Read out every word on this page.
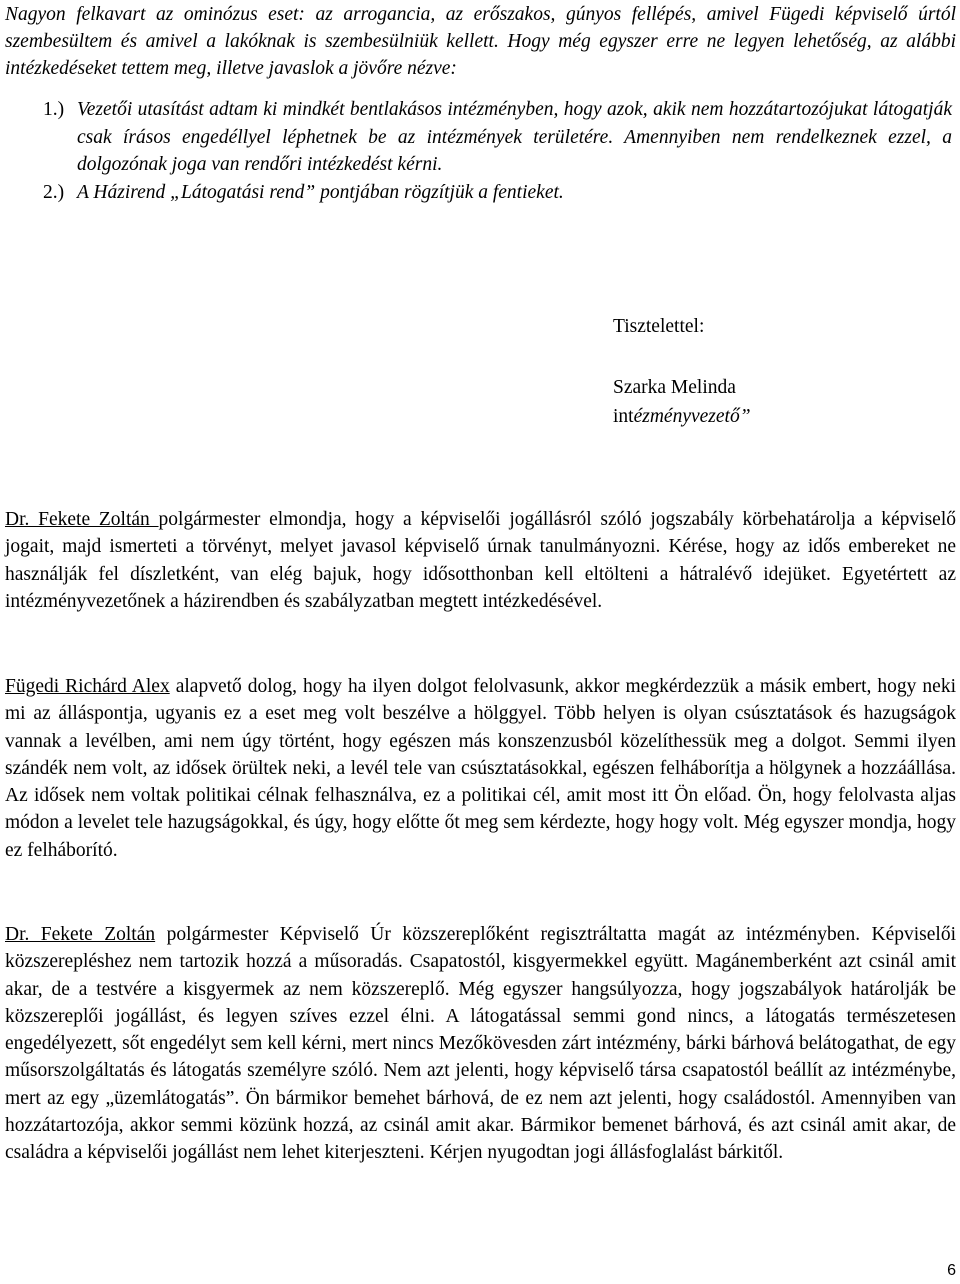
Nagyon felkavart az ominózus eset: az arrogancia, az erőszakos, gúnyos fellépés, amivel Fügedi képviselő úrtól szembesültem és amivel a lakóknak is szembesülniük kellett. Hogy még egyszer erre ne legyen lehetőség, az alábbi intézkedéseket tettem meg, illetve javaslok a jövőre nézve:

1.) Vezetői utasítást adtam ki mindkét bentlakásos intézményben, hogy azok, akik nem hozzátartozójukat látogatják csak írásos engedéllyel léphetnek be az intézmények területére. Amennyiben nem rendelkeznek ezzel, a dolgozónak joga van rendőri intézkedést kérni.
2.) A Házirend „Látogatási rend” pontjában rögzítjük a fentieket.
Tisztelettel:
Szarka Melinda
intézményvezető”

Dr. Fekete Zoltán polgármester elmondja, hogy a képviselői jogállásról szóló jogszabály körbehatárolja a képviselő jogait, majd ismerteti a törvényt, melyet javasol képviselő úrnak tanulmányozni. Kérése, hogy az idős embereket ne használják fel díszletként, van elég bajuk, hogy idősotthonban kell eltölteni a hátralévő idejüket. Egyetértett az intézményvezetőnek a házirendben és szabályzatban megtett intézkedésével.

Fügedi Richárd Alex alapvető dolog, hogy ha ilyen dolgot felolvasunk, akkor megkérdezzük a másik embert, hogy neki mi az álláspontja, ugyanis ez a eset meg volt beszélve a hölggyel. Több helyen is olyan csúsztatások és hazugságok vannak a levélben, ami nem úgy történt, hogy egészen más konszenzusból közelíthessük meg a dolgot. Semmi ilyen szándék nem volt, az idősek örültek neki, a levél tele van csúsztatásokkal, egészen felháborítja a hölgynek a hozzáállása. Az idősek nem voltak politikai célnak felhasználva, ez a politikai cél, amit most itt Ön előad. Ön, hogy felolvasta aljas módon a levelet tele hazugságokkal, és úgy, hogy előtte őt meg sem kérdezte, hogy hogy volt. Még egyszer mondja, hogy ez felháborító.

Dr. Fekete Zoltán polgármester Képviselő Úr közszereplőként regisztráltatta magát az intézményben. Képviselői közszerepléshez nem tartozik hozzá a műsoradás. Csapatostól, kisgyermekkel együtt. Magánemberként azt csinál amit akar, de a testvére a kisgyermek az nem közszereplő. Még egyszer hangsúlyozza, hogy jogszabályok határolják be közszereplői jogállást, és legyen szíves ezzel élni. A látogatással semmi gond nincs, a látogatás természetesen engedélyezett, sőt engedélyt sem kell kérni, mert nincs Mezőkövesden zárt intézmény, bárki bárhová belátogathat, de egy műsorszolgáltatás és látogatás személyre szóló. Nem azt jelenti, hogy képviselő társa csapatostól beállít az intézménybe, mert az egy „üzemlátogatás”. Ön bármikor bemehet bárhová, de ez nem azt jelenti, hogy családostól. Amennyiben van hozzátartozója, akkor semmi közünk hozzá, az csinál amit akar. Bármikor bemenet bárhová, és azt csinál amit akar, de családra a képviselői jogállást nem lehet kiterjeszteni. Kérjen nyugodtan jogi állásfoglalást bárkitől.

6
